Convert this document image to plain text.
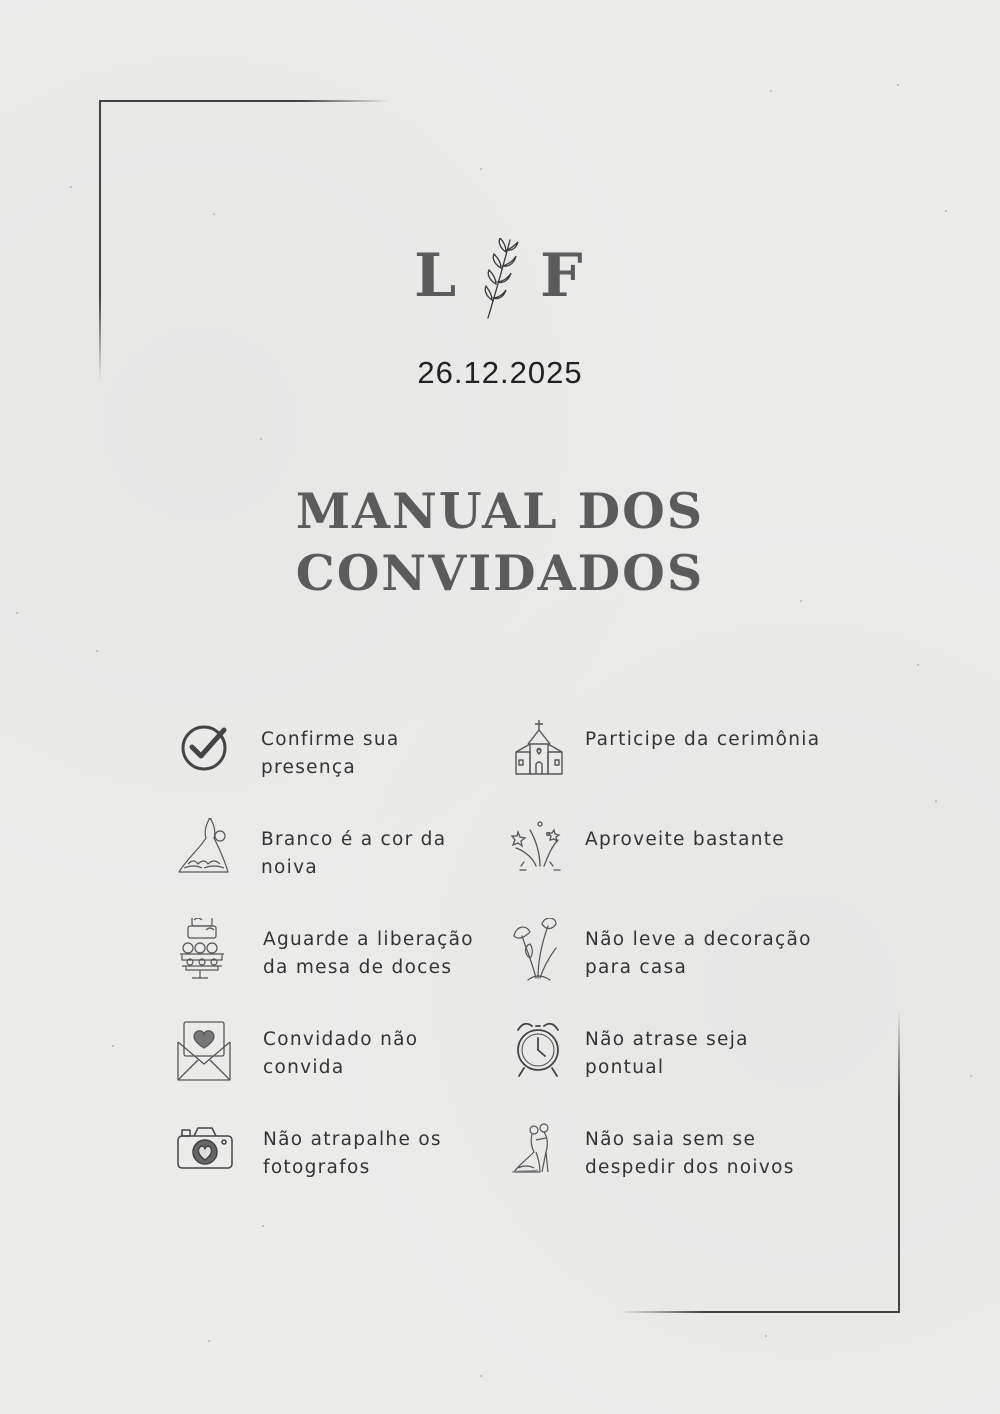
L F
26.12.2025
MANUAL DOS
CONVIDADOS
Confirme sua presença
Participe da cerimônia
Branco é a cor da noiva
Aproveite bastante
Aguarde a liberação da mesa de doces
Não leve a decoração para casa
Convidado não convida
Não atrase seja pontual
Não atrapalhe os fotografos
Não saia sem se despedir dos noivos
